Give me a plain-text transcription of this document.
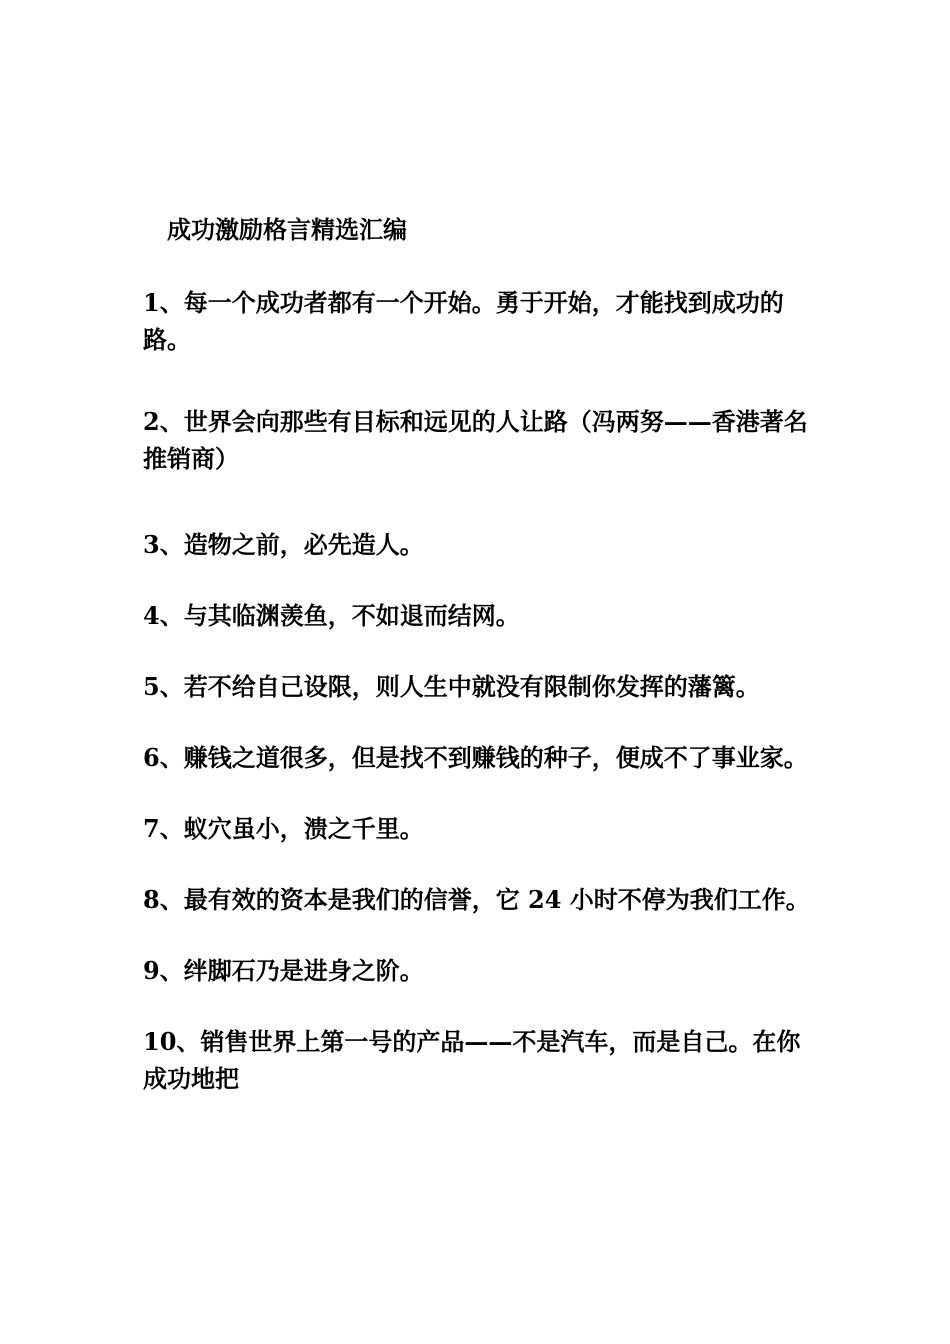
成功激励格言精选汇编
1、每一个成功者都有一个开始。勇于开始，才能找到成功的路。
2、世界会向那些有目标和远见的人让路（冯两努——香港著名推销商）
3、造物之前，必先造人。
4、与其临渊羡鱼，不如退而结网。
5、若不给自己设限，则人生中就没有限制你发挥的藩篱。
6、赚钱之道很多，但是找不到赚钱的种子，便成不了事业家。
7、蚁穴虽小，溃之千里。
8、最有效的资本是我们的信誉，它 24 小时不停为我们工作。
9、绊脚石乃是进身之阶。
10、销售世界上第一号的产品——不是汽车，而是自己。在你成功地把
